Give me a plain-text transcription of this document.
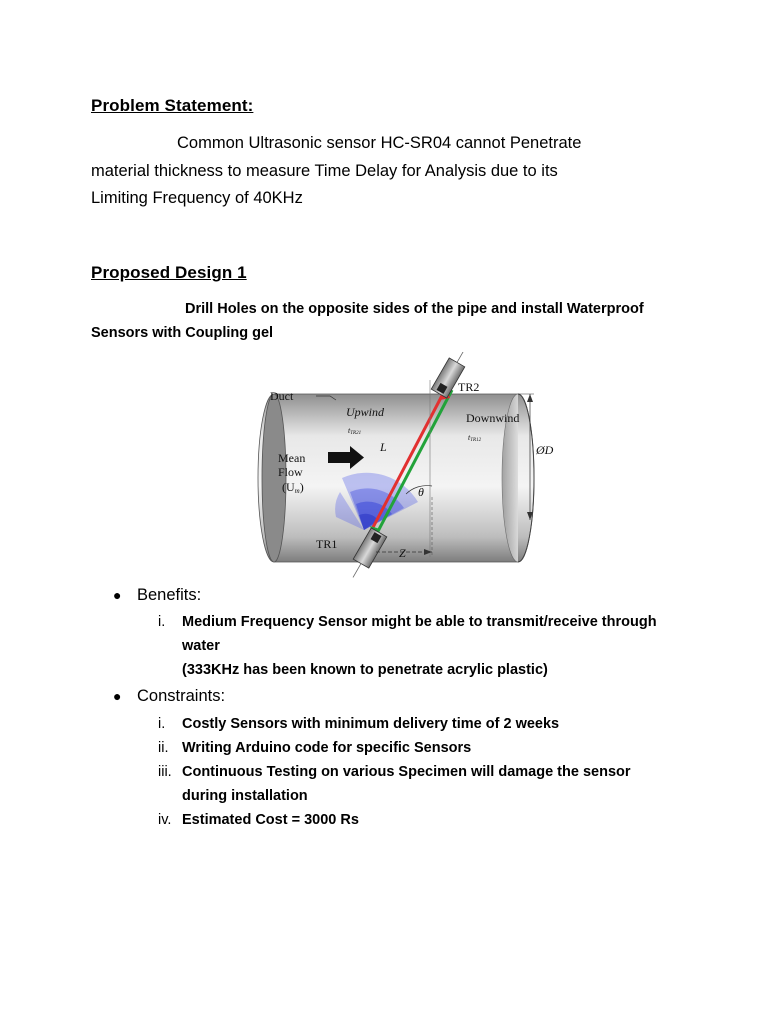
Problem Statement:
Common Ultrasonic sensor HC-SR04 cannot Penetrate
material thickness to measure Time Delay for Analysis due to its
Limiting Frequency of 40KHz
Proposed Design 1
Drill Holes on the opposite sides of the pipe and install Waterproof
Sensors with Coupling gel
Duct
Upwind
tTR21
Downwind
tTR12
TR2
TR1
L	ØD
θ
Z
Mean
Flow
(Um)
● Benefits:
i. Medium Frequency Sensor might be able to transmit/receive through
water
(333KHz has been known to penetrate acrylic plastic)
● Constraints:
i. Costly Sensors with minimum delivery time of 2 weeks
ii. Writing Arduino code for specific Sensors
iii. Continuous Testing on various Specimen will damage the sensor
during installation
iv. Estimated Cost = 3000 Rs
